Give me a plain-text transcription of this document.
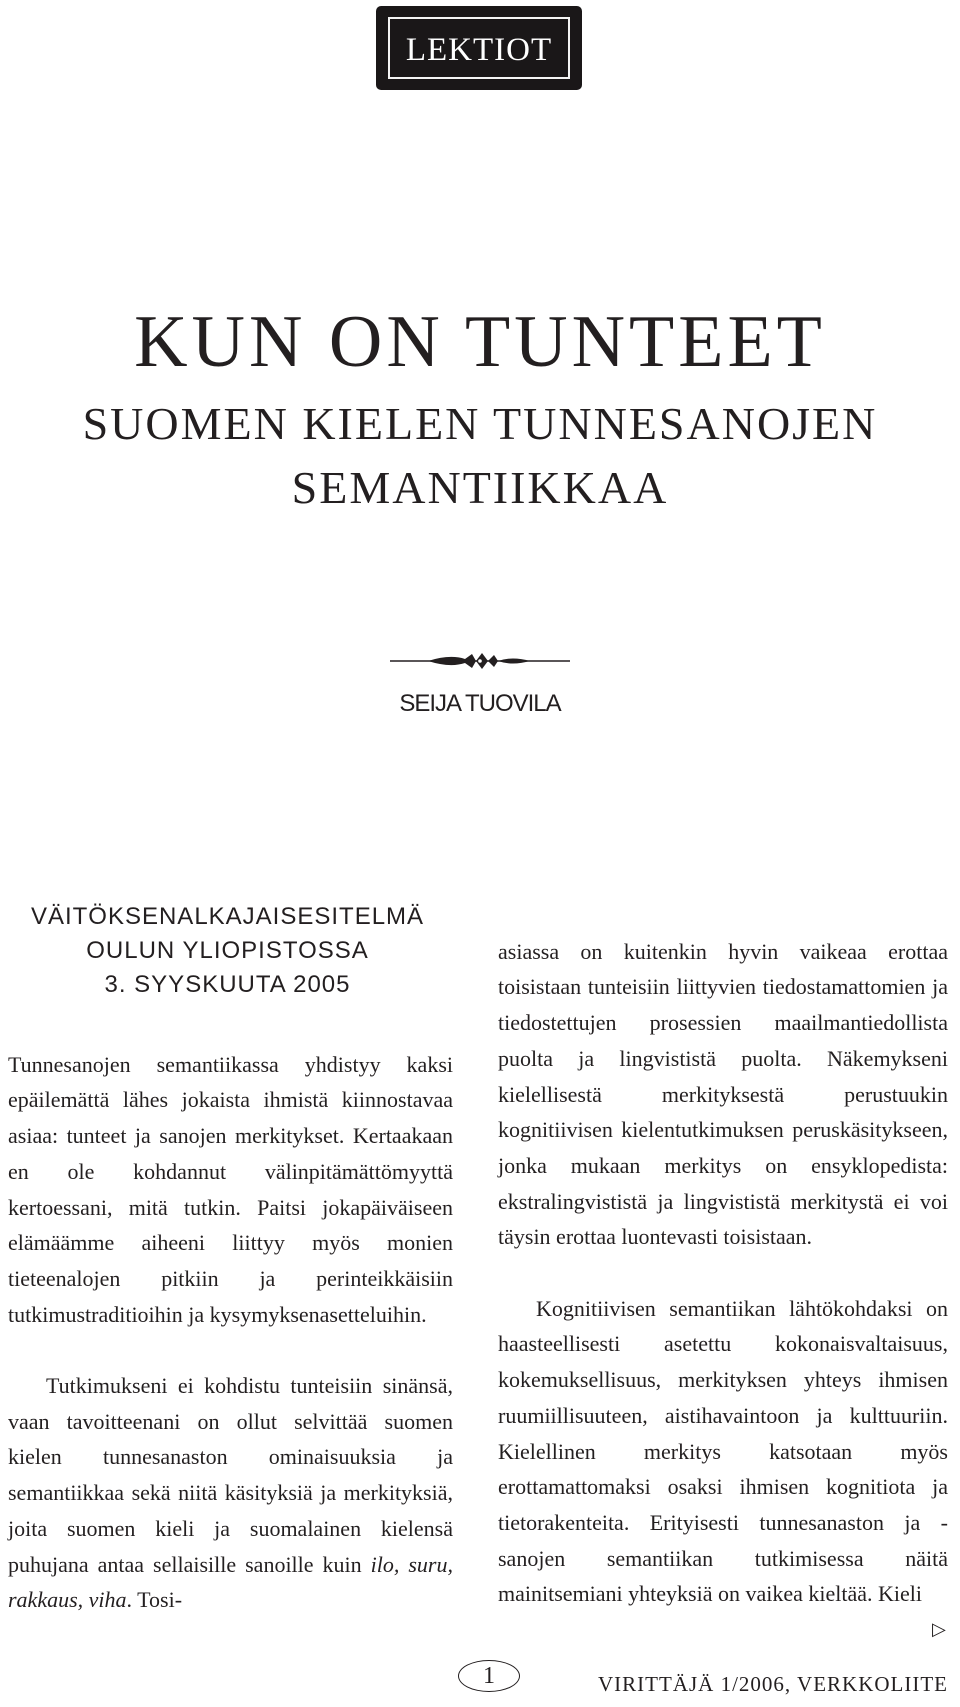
LEKTIOT
KUN ON TUNTEET
SUOMEN KIELEN TUNNESANOJEN
SEMANTIIKKAA
SEIJA TUOVILA
VÄITÖKSENALKAJAISESITELMÄ
OULUN YLIOPISTOSSA
3. SYYSKUUTA 2005

Tunnesanojen semantiikassa yhdistyy kaksi epäilemättä lähes jokaista ihmistä kiinnostavaa asiaa: tunteet ja sanojen merkitykset. Kertaakaan en ole kohdannut välinpitämättömyyttä kertoessani, mitä tutkin. Paitsi jokapäiväiseen elämäämme aiheeni liittyy myös monien tieteenalojen pitkiin ja perinteikkäisiin tutkimustraditioihin ja kysymyksenasetteluihin.

Tutkimukseni ei kohdistu tunteisiin sinänsä, vaan tavoitteenani on ollut selvittää suomen kielen tunnesanaston ominaisuuksia ja semantiikkaa sekä niitä käsityksiä ja merkityksiä, joita suomen kieli ja suomalainen kielensä puhujana antaa sellaisille sanoille kuin ilo, suru, rakkaus, viha. Tosi-

asiassa on kuitenkin hyvin vaikeaa erottaa toisistaan tunteisiin liittyvien tiedostamattomien ja tiedostettujen prosessien maailmantiedollista puolta ja lingvististä puolta. Näkemykseni kielellisestä merkityksestä perustuukin kognitiivisen kielentutkimuksen peruskäsitykseen, jonka mukaan merkitys on ensyklopedista: ekstralingvististä ja lingvististä merkitystä ei voi täysin erottaa luontevasti toisistaan.

Kognitiivisen semantiikan lähtökohdaksi on haasteellisesti asetettu kokonaisvaltaisuus, kokemuksellisuus, merkityksen yhteys ihmisen ruumiillisuuteen, aistihavaintoon ja kulttuuriin. Kielellinen merkitys katsotaan myös erottamattomaksi osaksi ihmisen kognitiota ja tietorakenteita. Erityisesti tunnesanaston ja -sanojen semantiikan tutkimisessa näitä mainitsemiani yhteyksiä on vaikea kieltää. Kieli

▷
1	VIRITTÄJÄ 1/2006, VERKKOLIITE
